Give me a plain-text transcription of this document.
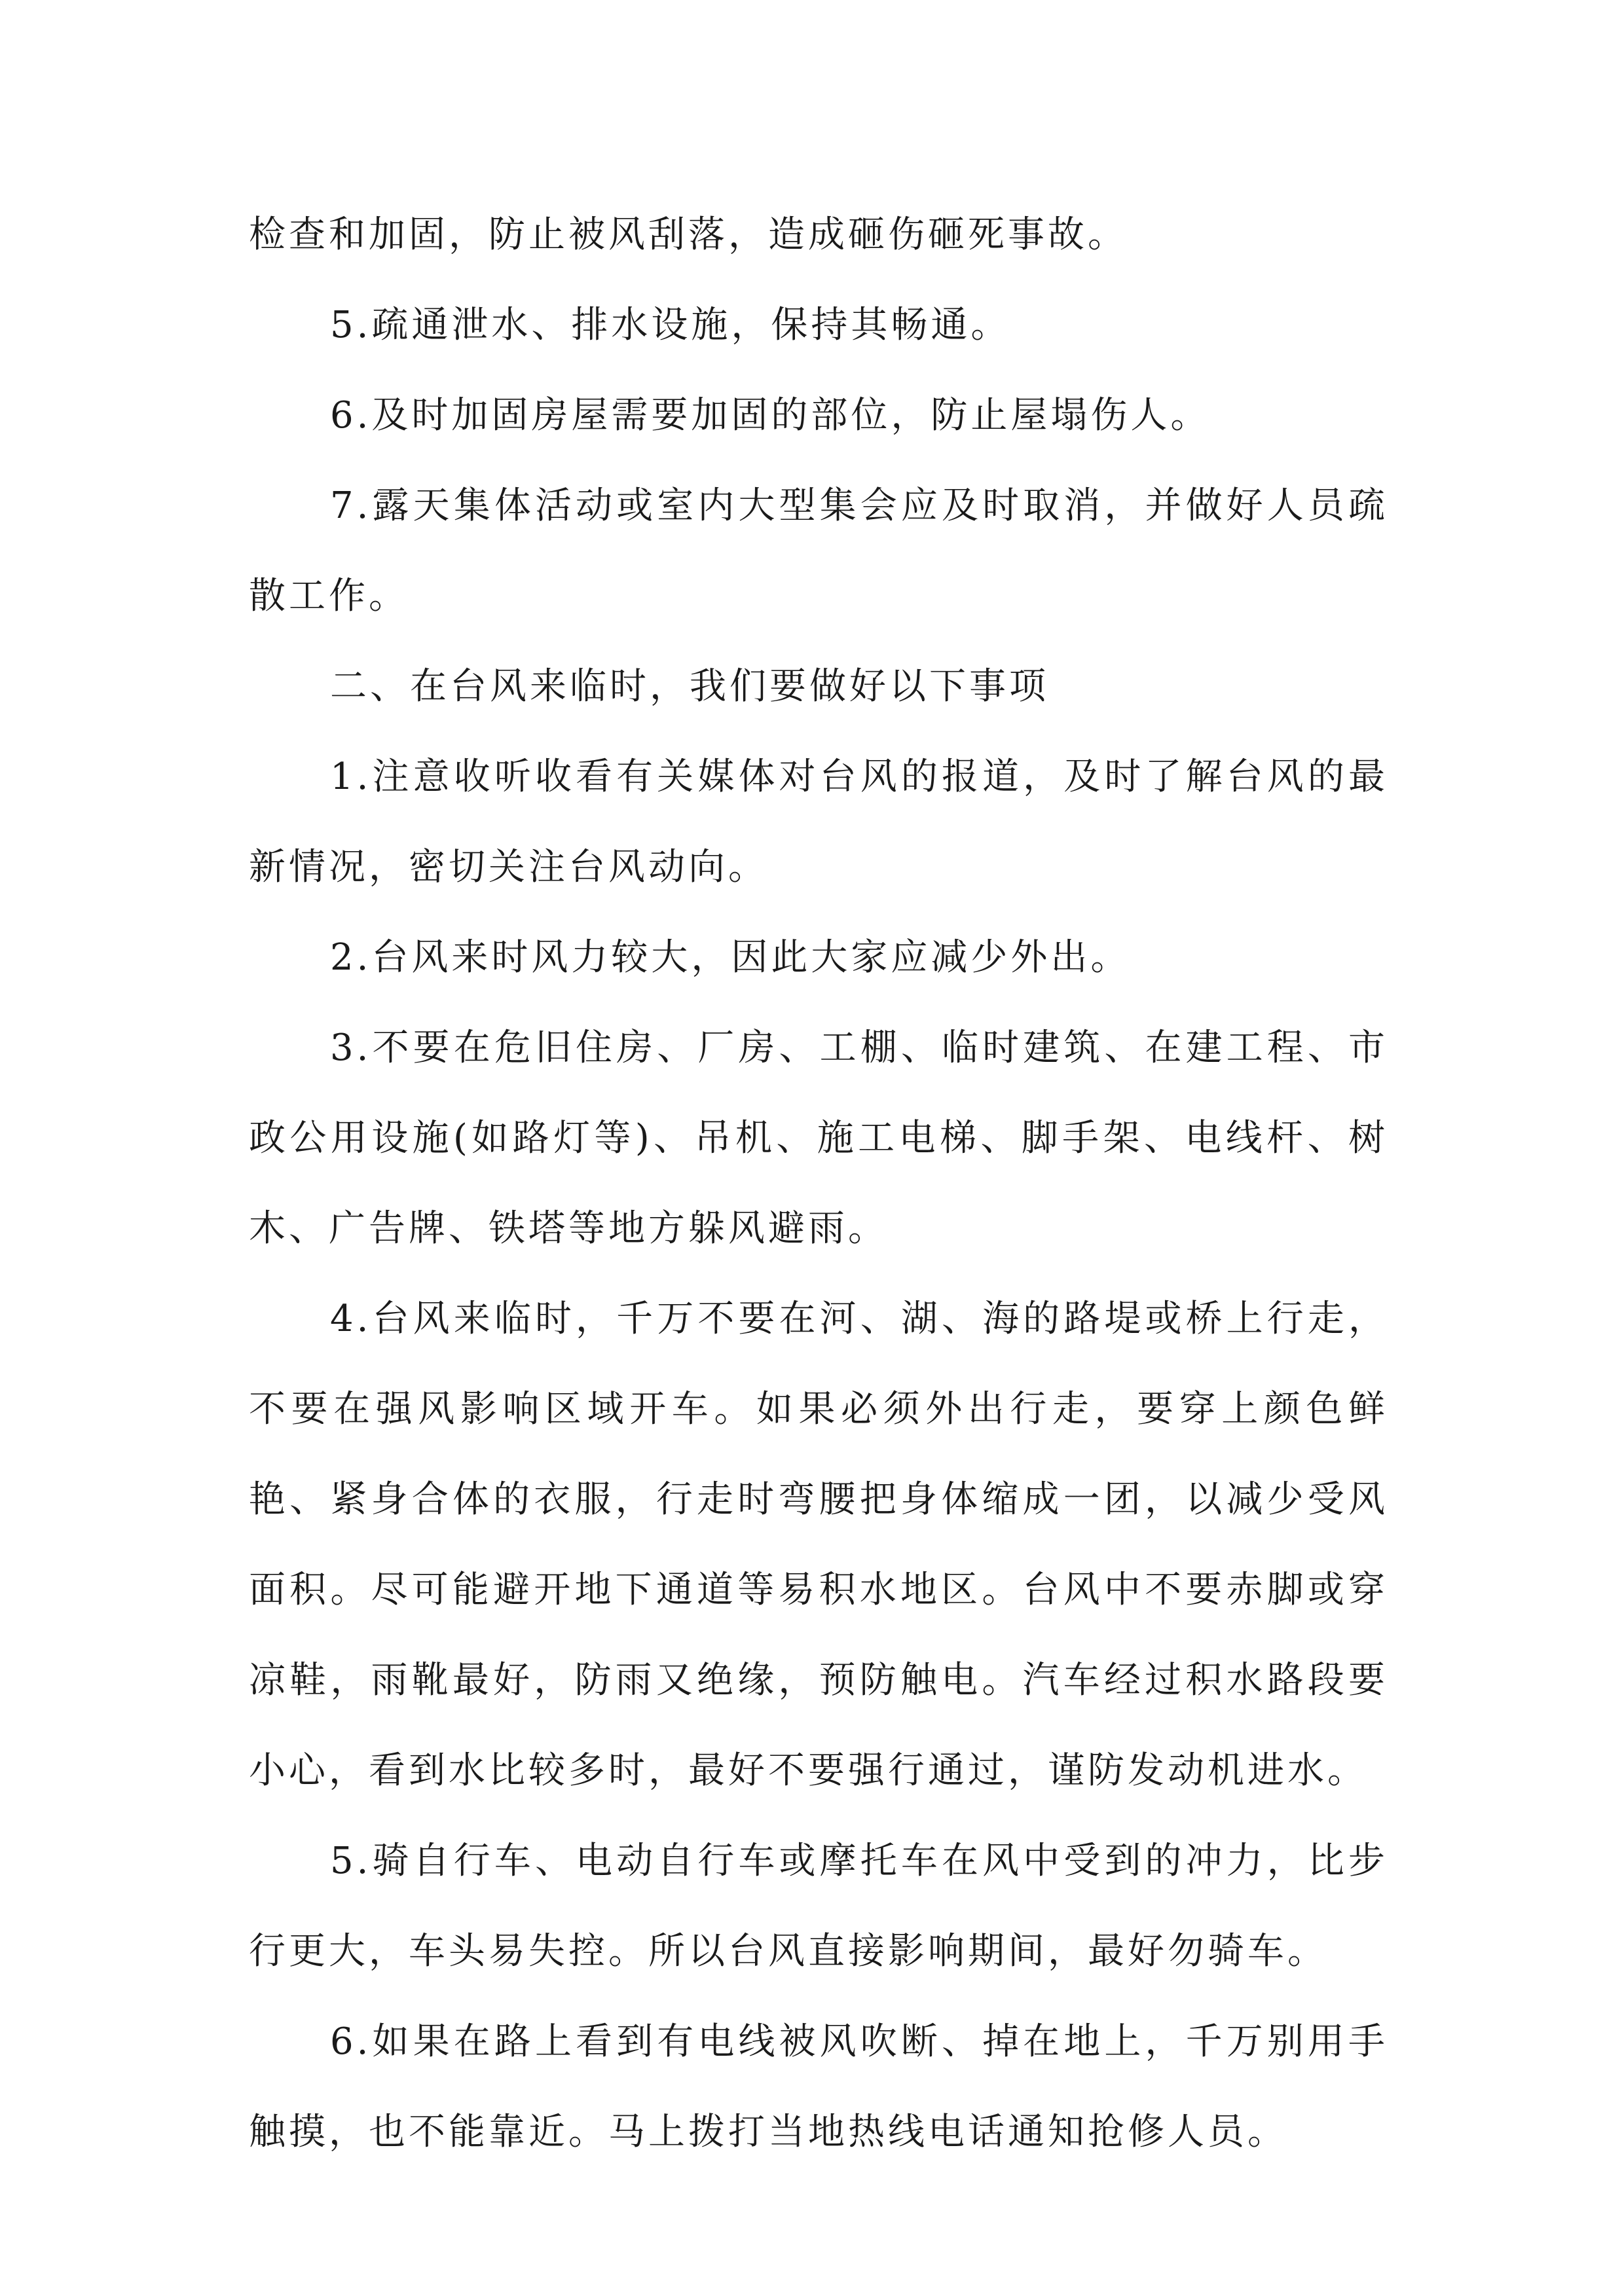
检查和加固，防止被风刮落，造成砸伤砸死事故。

5.疏通泄水、排水设施，保持其畅通。

6.及时加固房屋需要加固的部位，防止屋塌伤人。

7.露天集体活动或室内大型集会应及时取消，并做好人员疏散工作。

二、在台风来临时，我们要做好以下事项

1.注意收听收看有关媒体对台风的报道，及时了解台风的最新情况，密切关注台风动向。

2.台风来时风力较大，因此大家应减少外出。

3.不要在危旧住房、厂房、工棚、临时建筑、在建工程、市政公用设施(如路灯等)、吊机、施工电梯、脚手架、电线杆、树木、广告牌、铁塔等地方躲风避雨。

4.台风来临时，千万不要在河、湖、海的路堤或桥上行走，不要在强风影响区域开车。如果必须外出行走，要穿上颜色鲜艳、紧身合体的衣服，行走时弯腰把身体缩成一团，以减少受风面积。尽可能避开地下通道等易积水地区。台风中不要赤脚或穿凉鞋，雨靴最好，防雨又绝缘，预防触电。汽车经过积水路段要小心，看到水比较多时，最好不要强行通过，谨防发动机进水。

5.骑自行车、电动自行车或摩托车在风中受到的冲力，比步行更大，车头易失控。所以台风直接影响期间，最好勿骑车。

6.如果在路上看到有电线被风吹断、掉在地上，千万别用手触摸，也不能靠近。马上拨打当地热线电话通知抢修人员。
